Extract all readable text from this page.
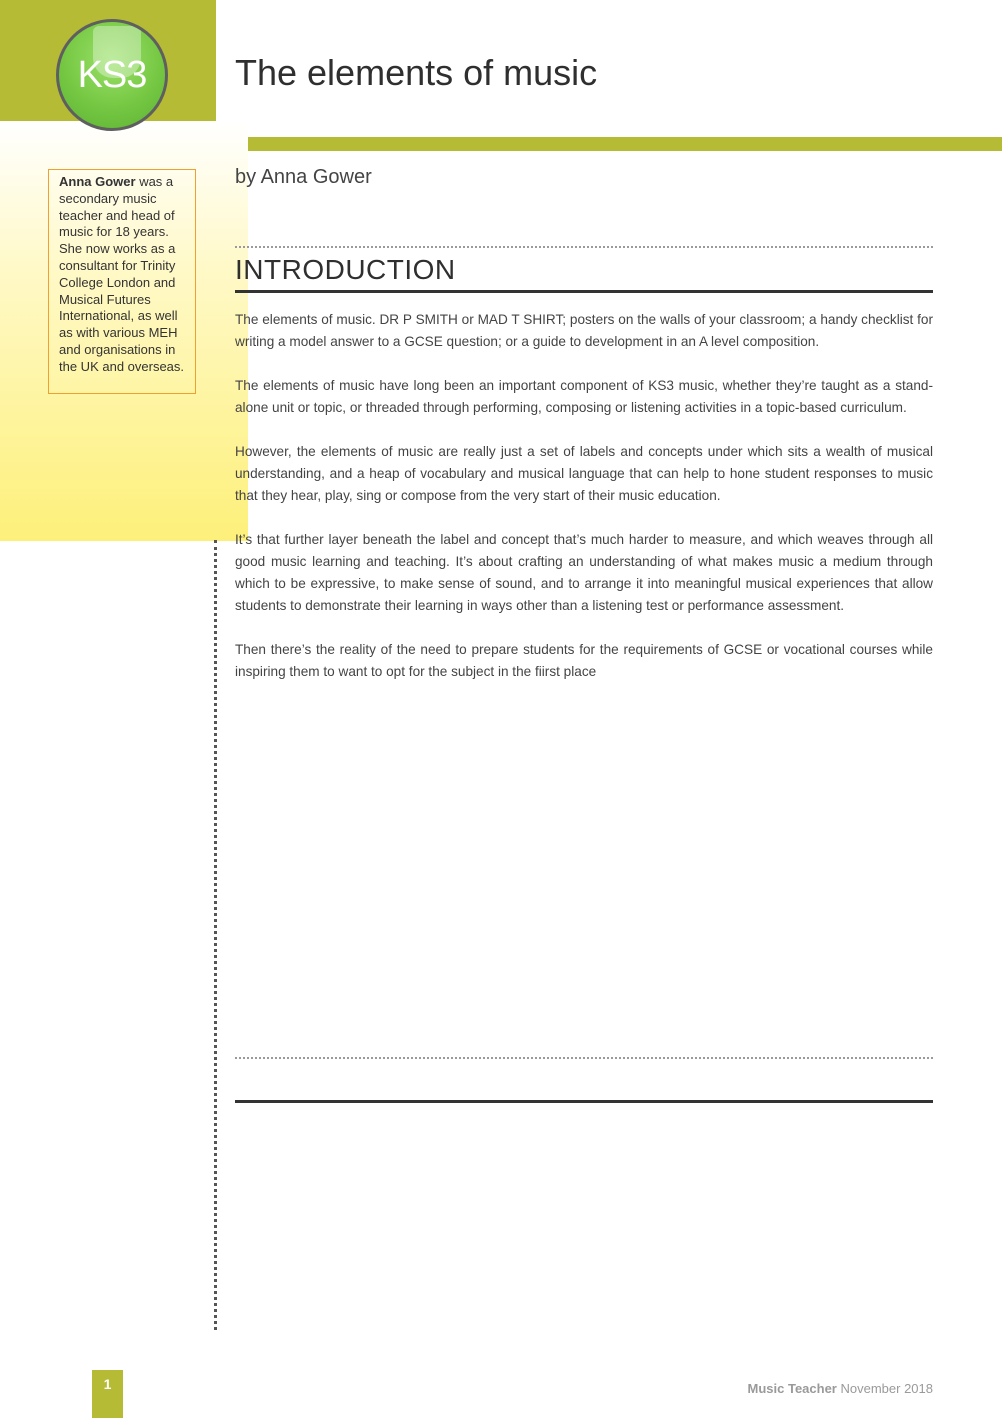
KS3	The elements of music
by Anna Gower
Anna Gower was a secondary music teacher and head of music for 18 years. She now works as a consultant for Trinity College London and Musical Futures International, as well as with various MEH and organisations in the UK and overseas.
INTRODUCTION

The elements of music. DR P SMITH or MAD T SHIRT; posters on the walls of your classroom; a handy checklist for writing a model answer to a GCSE question; or a guide to development in an A level composition.

The elements of music have long been an important component of KS3 music, whether they’re taught as a stand-alone unit or topic, or threaded through performing, composing or listening activities in a topic-based curriculum.

However, the elements of music are really just a set of labels and concepts under which sits a wealth of musical understanding, and a heap of vocabulary and musical language that can help to hone student responses to music that they hear, play, sing or compose from the very start of their music education.

It’s that further layer beneath the label and concept that’s much harder to measure, and which weaves through all good music learning and teaching. It’s about crafting an understanding of what makes music a medium through which to be expressive, to make sense of sound, and to arrange it into meaningful musical experiences that allow students to demonstrate their learning in ways other than a listening test or performance assessment.

Then there’s the reality of the need to prepare students for the requirements of GCSE or vocational courses while inspiring them to want to opt for the subject in the fiirst place

1	Music Teacher November 2018
